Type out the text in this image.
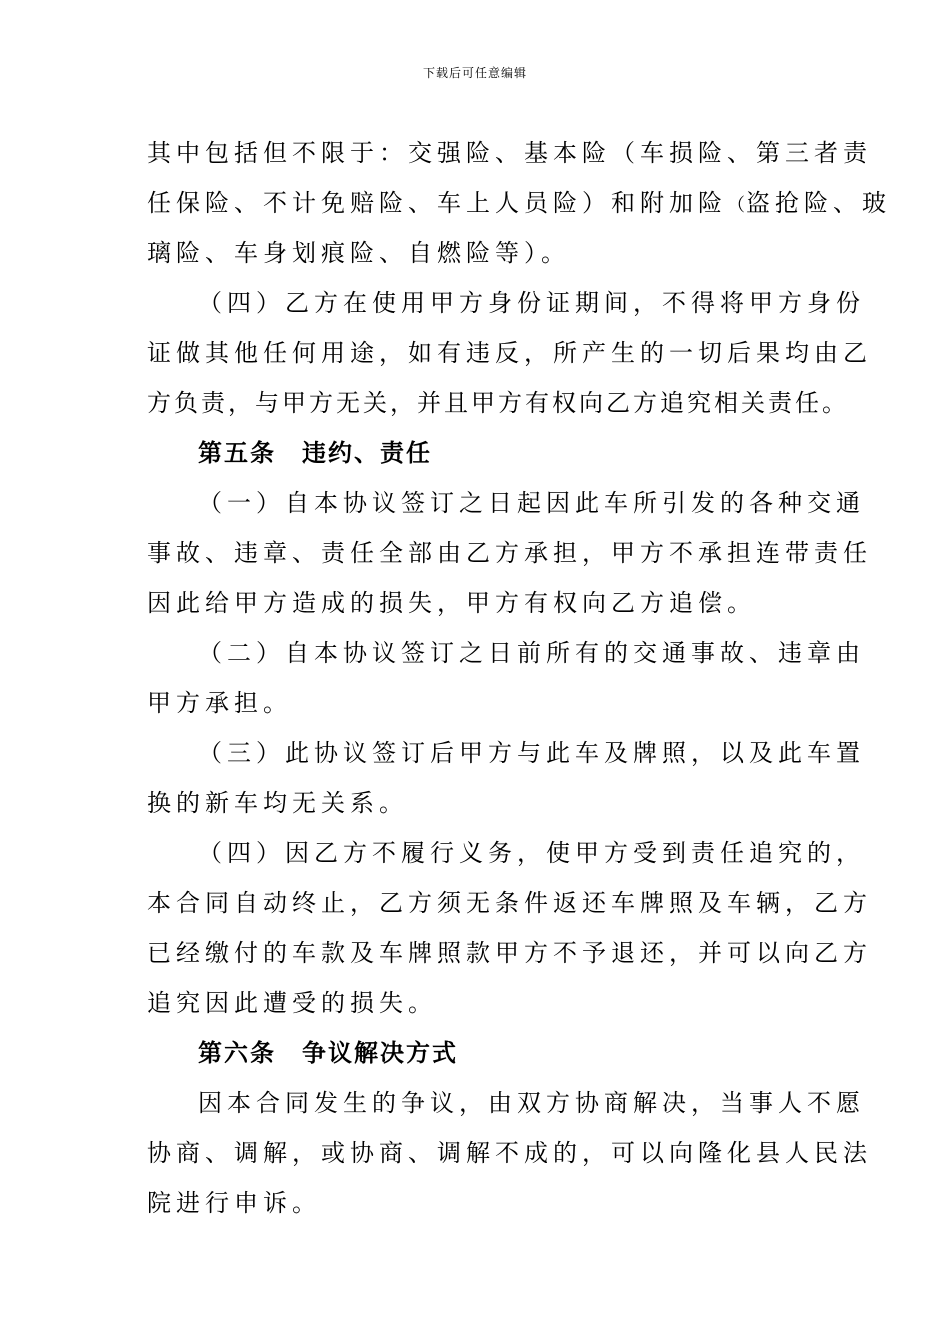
下载后可任意编辑
其中包括但不限于：交强险、基本险（车损险、第三者责
任保险、不计免赔险、车上人员险）和附加险（盗抢险、玻
璃险、车身划痕险、自燃险等）。
（四）乙方在使用甲方身份证期间，不得将甲方身份
证做其他任何用途，如有违反，所产生的一切后果均由乙
方负责，与甲方无关，并且甲方有权向乙方追究相关责任。
第五条 违约、责任
（一）自本协议签订之日起因此车所引发的各种交通
事故、违章、责任全部由乙方承担，甲方不承担连带责任
因此给甲方造成的损失，甲方有权向乙方追偿。
（二）自本协议签订之日前所有的交通事故、违章由
甲方承担。
（三）此协议签订后甲方与此车及牌照，以及此车置
换的新车均无关系。
（四）因乙方不履行义务，使甲方受到责任追究的，
本合同自动终止，乙方须无条件返还车牌照及车辆，乙方
已经缴付的车款及车牌照款甲方不予退还，并可以向乙方
追究因此遭受的损失。
第六条 争议解决方式
因本合同发生的争议，由双方协商解决，当事人不愿
协商、调解，或协商、调解不成的，可以向隆化县人民法
院进行申诉。
